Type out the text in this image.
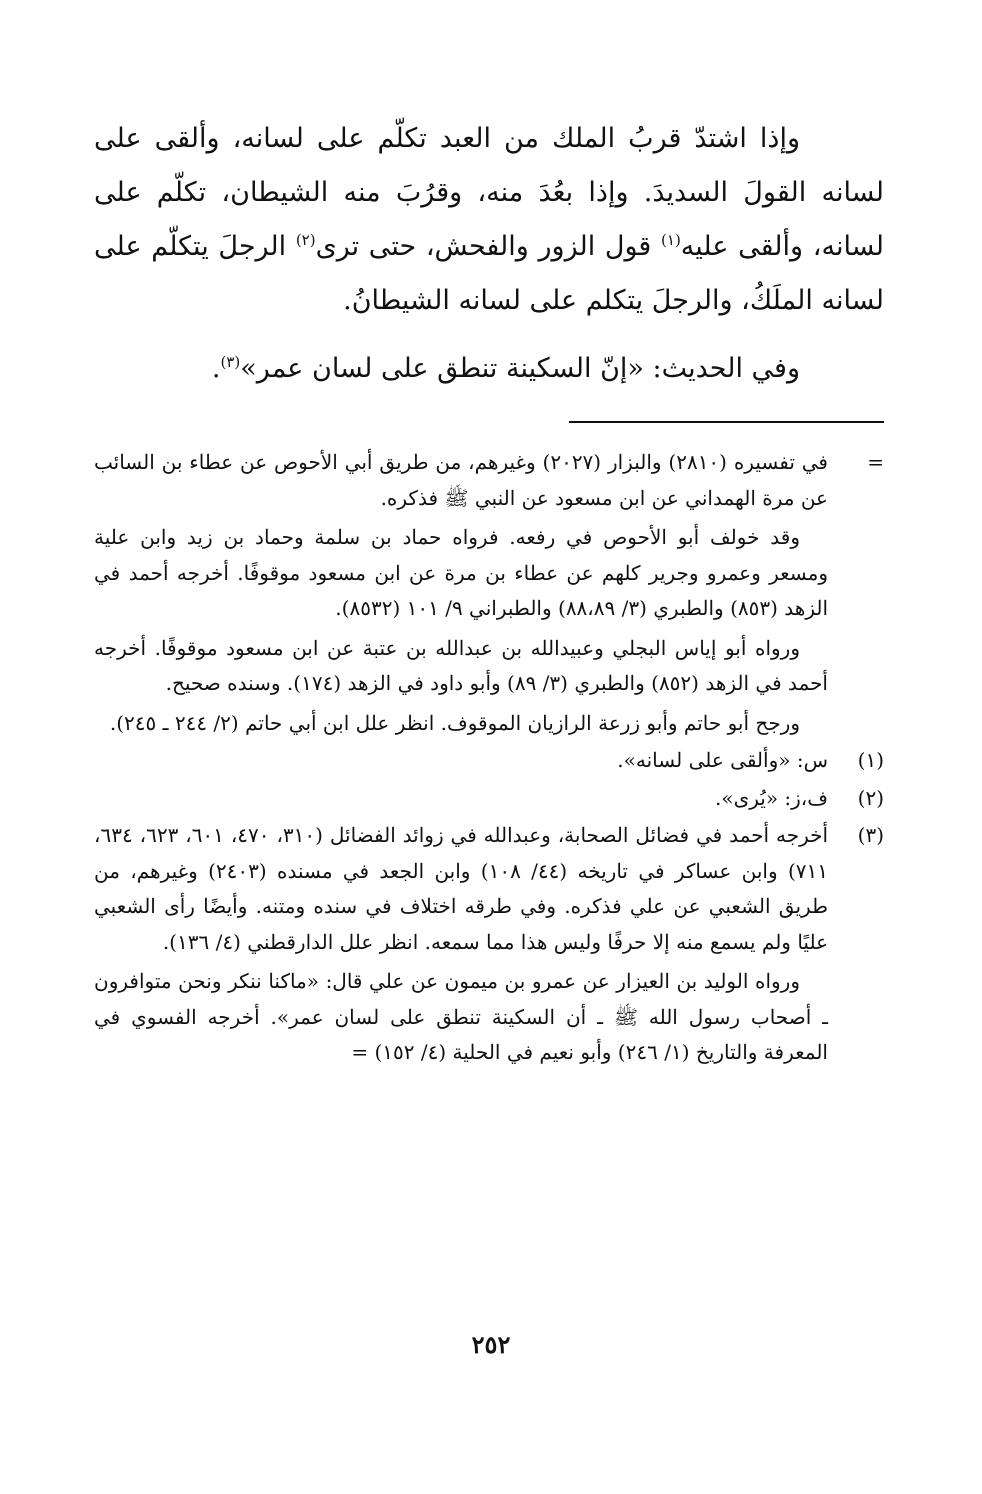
وإذا اشتدّ قربُ الملك من العبد تكلّم على لسانه، وألقى على لسانه القولَ السديدَ. وإذا بعُدَ منه، وقرُبَ منه الشيطان، تكلّم على لسانه، وألقى عليه$^{(١)}$ قول الزور والفحش، حتى ترى$^{(٢)}$ الرجلَ يتكلّم على لسانه الملَكُ، والرجلَ يتكلم على لسانه الشيطانُ.

وفي الحديث: «إنّ السكينة تنطق على لسان عمر»$^{(٣)}$.

=

في تفسيره (٢٨١٠) والبزار (٢٠٢٧) وغيرهم، من طريق أبي الأحوص عن عطاء بن السائب عن مرة الهمداني عن ابن مسعود عن النبي ﷺ فذكره.

وقد خولف أبو الأحوص في رفعه. فرواه حماد بن سلمة وحماد بن زيد وابن علية ومسعر وعمرو وجرير كلهم عن عطاء بن مرة عن ابن مسعود موقوفًا. أخرجه أحمد في الزهد (٨٥٣) والطبري (٣/ ٨٨،٨٩) والطبراني ٩/ ١٠١ (٨٥٣٢).

ورواه أبو إياس البجلي وعبيدالله بن عبدالله بن عتبة عن ابن مسعود موقوفًا. أخرجه أحمد في الزهد (٨٥٢) والطبري (٣/ ٨٩) وأبو داود في الزهد (١٧٤). وسنده صحيح.

ورجح أبو حاتم وأبو زرعة الرازيان الموقوف. انظر علل ابن أبي حاتم (٢/ ٢٤٤ ـ ٢٤٥).

(١)

س: «وألقى على لسانه».

(٢)

ف،ز: «يُرى».

(٣)

أخرجه أحمد في فضائل الصحابة، وعبدالله في زوائد الفضائل (٣١٠، ٤٧٠، ٦٠١، ٦٢٣، ٦٣٤، ٧١١) وابن عساكر في تاريخه (٤٤/ ١٠٨) وابن الجعد في مسنده (٢٤٠٣) وغيرهم، من طريق الشعبي عن علي فذكره. وفي طرقه اختلاف في سنده ومتنه. وأيضًا رأى الشعبي عليًا ولم يسمع منه إلا حرفًا وليس هذا مما سمعه. انظر علل الدارقطني (٤/ ١٣٦).

ورواه الوليد بن العيزار عن عمرو بن ميمون عن علي قال: «ماكنا ننكر ونحن متوافرون ـ أصحاب رسول الله ﷺ ـ أن السكينة تنطق على لسان عمر». أخرجه الفسوي في المعرفة والتاريخ (١/ ٢٤٦) وأبو نعيم في الحلية (٤/ ١٥٢) =

٢٥٢
